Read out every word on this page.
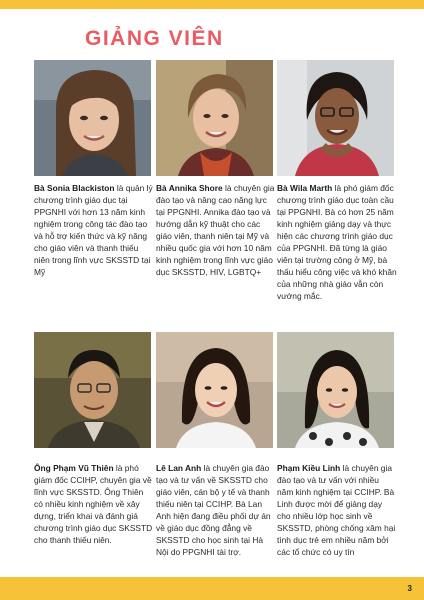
GIẢNG VIÊN

Bà Sonia Blackiston là quản lý chương trình giáo dục tại PPGNHI với hơn 13 năm kinh nghiệm trong công tác đào tạo và hỗ trợ kiến thức và kỹ năng cho giáo viên và thanh thiếu niên trong lĩnh vực SKSSTD tại Mỹ

Bà Annika Shore là chuyên gia đào tạo và nâng cao năng lực tại PPGNHI. Annika đào tạo và hướng dẫn kỹ thuật cho các giáo viên, thanh niên tại Mỹ và nhiều quốc gia với hơn 10 năm kinh nghiệm trong lĩnh vực giáo dục SKSSTD, HIV, LGBTQ+

Bà Wila Marth là phó giám đốc chương trình giáo dục toàn cầu tại PPGNHI. Bà có hơn 25 năm kinh nghiệm giảng dạy và thực hiện các chương trình giáo dục của PPGNHI. Đã từng là giáo viên tại trường công ở Mỹ, bà thấu hiểu công việc và khó khăn của những nhà giáo vẫn còn vướng mắc.

Ông Phạm Vũ Thiên là phó giám đốc CCIHP, chuyên gia về lĩnh vực SKSSTD. Ông Thiên có nhiều kinh nghiệm về xây dựng, triển khai và đánh giá chương trình giáo dục SKSSTD cho thanh thiếu niên.

Lê Lan Anh là chuyên gia đào tạo và tư vấn về SKSSTD cho giáo viên, cán bộ y tế và thanh thiếu niên tại CCIHP. Bà Lan Anh hiện đang điều phối dự án về giáo dục đồng đẳng về SKSSTD cho học sinh tại Hà Nội do PPGNHI tài trợ.

Phạm Kiều Linh là chuyên gia đào tạo và tư vấn với nhiều năm kinh nghiệm tại CCIHP. Bà Linh được mời để giảng dạy cho nhiều lớp học sinh về SKSSTD, phòng chống xâm hại tình dục trẻ em nhiều năm bởi các tổ chức có uy tín

3
